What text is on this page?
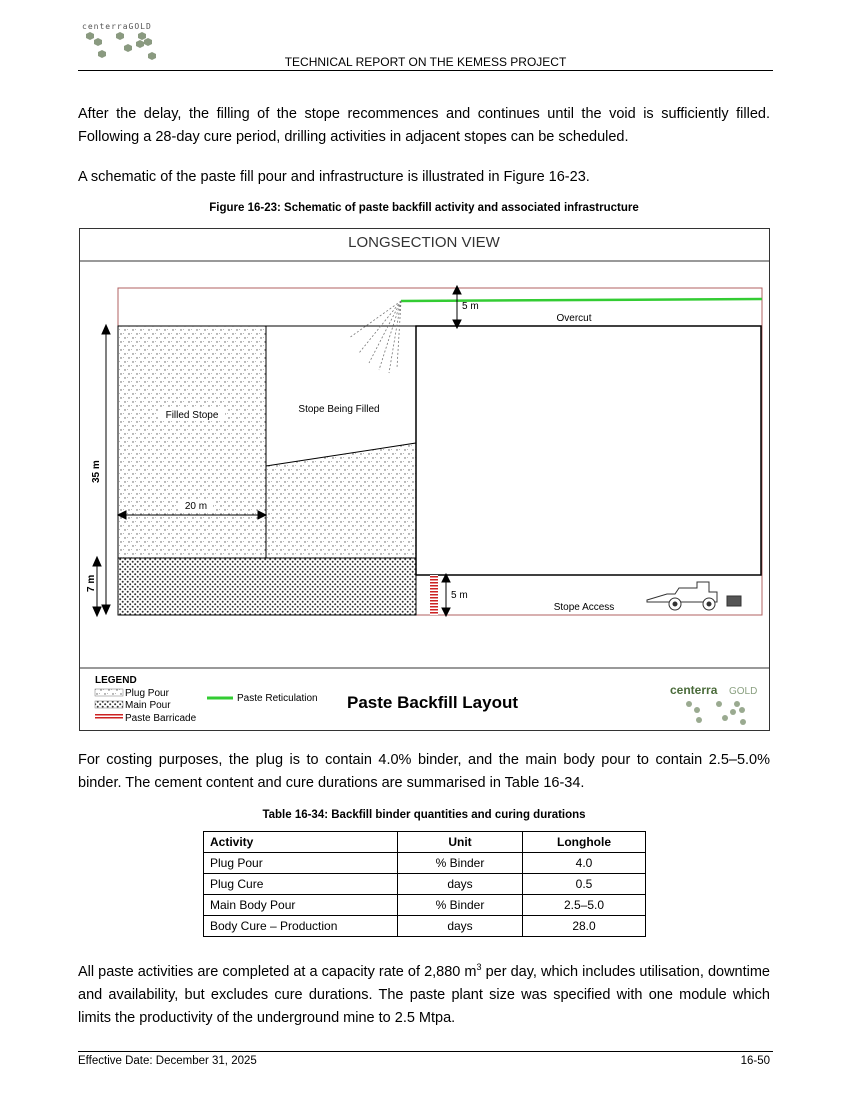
centerraGOLD
TECHNICAL REPORT ON THE KEMESS PROJECT
After the delay, the filling of the stope recommences and continues until the void is sufficiently filled. Following a 28-day cure period, drilling activities in adjacent stopes can be scheduled.
A schematic of the paste fill pour and infrastructure is illustrated in Figure 16-23.
Figure 16-23: Schematic of paste backfill activity and associated infrastructure
LONGSECTION VIEW
Filled Stope
Stope Being Filled
5 m
Overcut
35 m
7 m
20 m
5 m
Stope Access
LEGEND
Plug Pour
Main Pour
Paste Barricade
Paste Reticulation Paste Backfill Layout
centerra GOLD
For costing purposes, the plug is to contain 4.0% binder, and the main body pour to contain 2.5–5.0% binder. The cement content and cure durations are summarised in Table 16-34.
Table 16-34: Backfill binder quantities and curing durations
Activity	Unit	Longhole
Plug Pour	% Binder	4.0
Plug Cure	days	0.5
Main Body Pour	% Binder	2.5–5.0
Body Cure – Production	days	28.0
All paste activities are completed at a capacity rate of 2,880 $m^3$ per day, which includes utilisation, downtime and availability, but excludes cure durations. The paste plant size was specified with one module which limits the productivity of the underground mine to 2.5 Mtpa.
Effective Date: December 31, 2025	16-50
